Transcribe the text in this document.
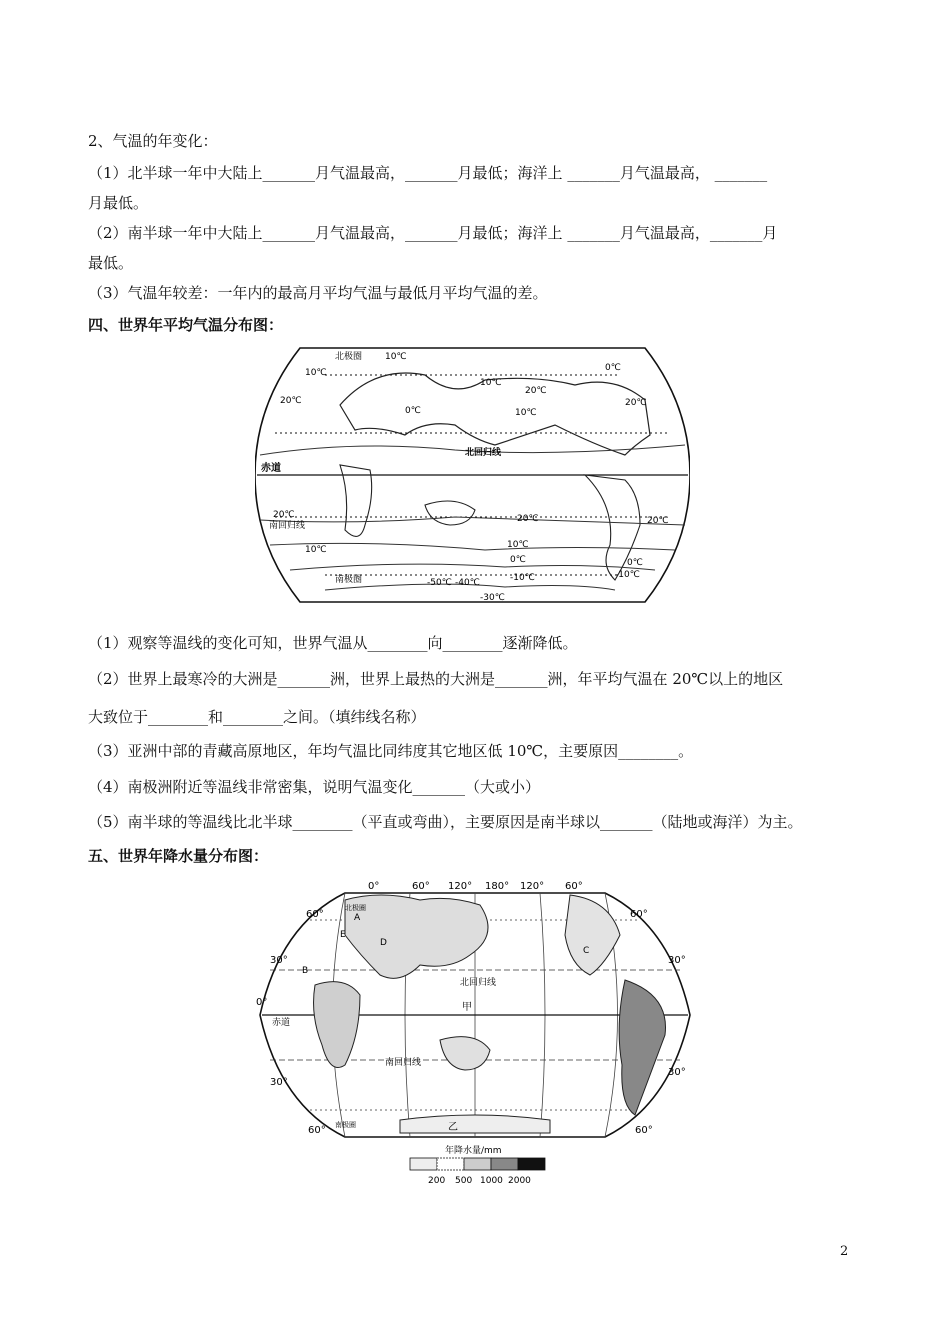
2、气温的年变化：
（1）北半球一年中大陆上_______月气温最高，_______月最低；海洋上 _______月气温最高， _______
月最低。
（2）南半球一年中大陆上_______月气温最高，_______月最低；海洋上 _______月气温最高，_______月
最低。
（3）气温年较差：一年内的最高月平均气温与最低月平均气温的差。
四、世界年平均气温分布图：
北极圈
北回归线
赤道
南回归线
南极圈
10℃
10℃
10℃
10℃
0℃
0℃
20℃
20℃	20℃
20℃	20℃	20℃
10℃	10℃
0℃	0℃
-10℃	-10℃
-30℃
-40℃
-50℃
（1）观察等温线的变化可知，世界气温从________向________逐渐降低。
（2）世界上最寒冷的大洲是_______洲，世界上最热的大洲是_______洲，年平均气温在 20℃以上的地区
大致位于________和________之间。（填纬线名称）
（3）亚洲中部的青藏高原地区，年均气温比同纬度其它地区低 10℃，主要原因________。
（4）南极洲附近等温线非常密集，说明气温变化_______（大或小）
（5）南半球的等温线比北半球________（平直或弯曲），主要原因是南半球以_______（陆地或海洋）为主。
五、世界年降水量分布图：
0°	60° 120° 180° 120° 60°
60°
30°
0°
30°
60°
60°
30°
30°
60°
北极圈
北回归线
赤道
南回归线
南极圈
甲
乙
A
B
C
D
E
年降水量/mm
200 500 1000 2000
2
